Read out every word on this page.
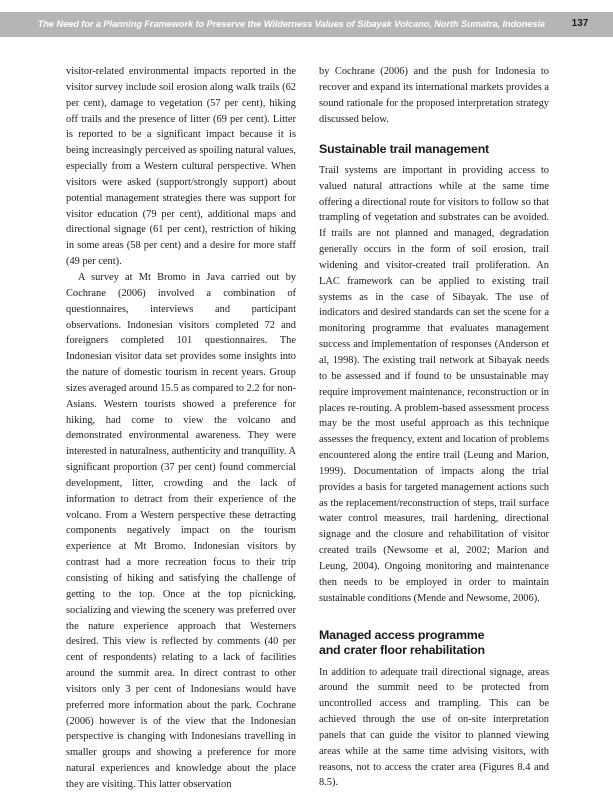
The Need for a Planning Framework to Preserve the Wilderness Values of Sibayak Volcano, North Sumatra, Indonesia	137

visitor-related environmental impacts reported in the visitor survey include soil erosion along walk trails (62 per cent), damage to vegetation (57 per cent), hiking off trails and the presence of litter (69 per cent). Litter is reported to be a significant impact because it is being increasingly perceived as spoiling natural values, especially from a Western cultural perspective. When visitors were asked (support/strongly support) about potential management strategies there was support for visitor education (79 per cent), additional maps and directional signage (61 per cent), restriction of hiking in some areas (58 per cent) and a desire for more staff (49 per cent).

A survey at Mt Bromo in Java carried out by Cochrane (2006) involved a combination of questionnaires, interviews and participant observations. Indonesian visitors completed 72 and foreigners completed 101 questionnaires. The Indonesian visitor data set provides some insights into the nature of domestic tourism in recent years. Group sizes averaged around 15.5 as compared to 2.2 for non-Asians. Western tourists showed a preference for hiking, had come to view the volcano and demonstrated environmental awareness. They were interested in naturalness, authenticity and tranquility. A significant proportion (37 per cent) found commercial development, litter, crowding and the lack of information to detract from their experience of the volcano. From a Western perspective these detracting components negatively impact on the tourism experience at Mt Bromo. Indonesian visitors by contrast had a more recreation focus to their trip consisting of hiking and satisfying the challenge of getting to the top. Once at the top picnicking, socializing and viewing the scenery was preferred over the nature experience approach that Westerners desired. This view is reflected by comments (40 per cent of respondents) relating to a lack of facilities around the summit area. In direct contrast to other visitors only 3 per cent of Indonesians would have preferred more information about the park. Cochrane (2006) however is of the view that the Indonesian perspective is changing with Indonesians travelling in smaller groups and showing a preference for more natural experiences and knowledge about the place they are visiting. This latter observation

by Cochrane (2006) and the push for Indonesia to recover and expand its international markets provides a sound rationale for the proposed interpretation strategy discussed below.

Sustainable trail management

Trail systems are important in providing access to valued natural attractions while at the same time offering a directional route for visitors to follow so that trampling of vegetation and substrates can be avoided. If trails are not planned and managed, degradation generally occurs in the form of soil erosion, trail widening and visitor-created trail proliferation. An LAC framework can be applied to existing trail systems as in the case of Sibayak. The use of indicators and desired standards can set the scene for a monitoring programme that evaluates management success and implementation of responses (Anderson et al, 1998). The existing trail network at Sibayak needs to be assessed and if found to be unsustainable may require improvement maintenance, reconstruction or in places re-routing. A problem-based assessment process may be the most useful approach as this technique assesses the frequency, extent and location of problems encountered along the entire trail (Leung and Marion, 1999). Documentation of impacts along the trial provides a basis for targeted management actions such as the replacement/reconstruction of steps, trail surface water control measures, trail hardening, directional signage and the closure and rehabilitation of visitor created trails (Newsome et al, 2002; Marion and Leung, 2004). Ongoing monitoring and maintenance then needs to be employed in order to maintain sustainable conditions (Mende and Newsome, 2006).

Managed access programme
and crater floor rehabilitation

In addition to adequate trail directional signage, areas around the summit need to be protected from uncontrolled access and trampling. This can be achieved through the use of on-site interpretation panels that can guide the visitor to planned viewing areas while at the same time advising visitors, with reasons, not to access the crater area (Figures 8.4 and 8.5).
